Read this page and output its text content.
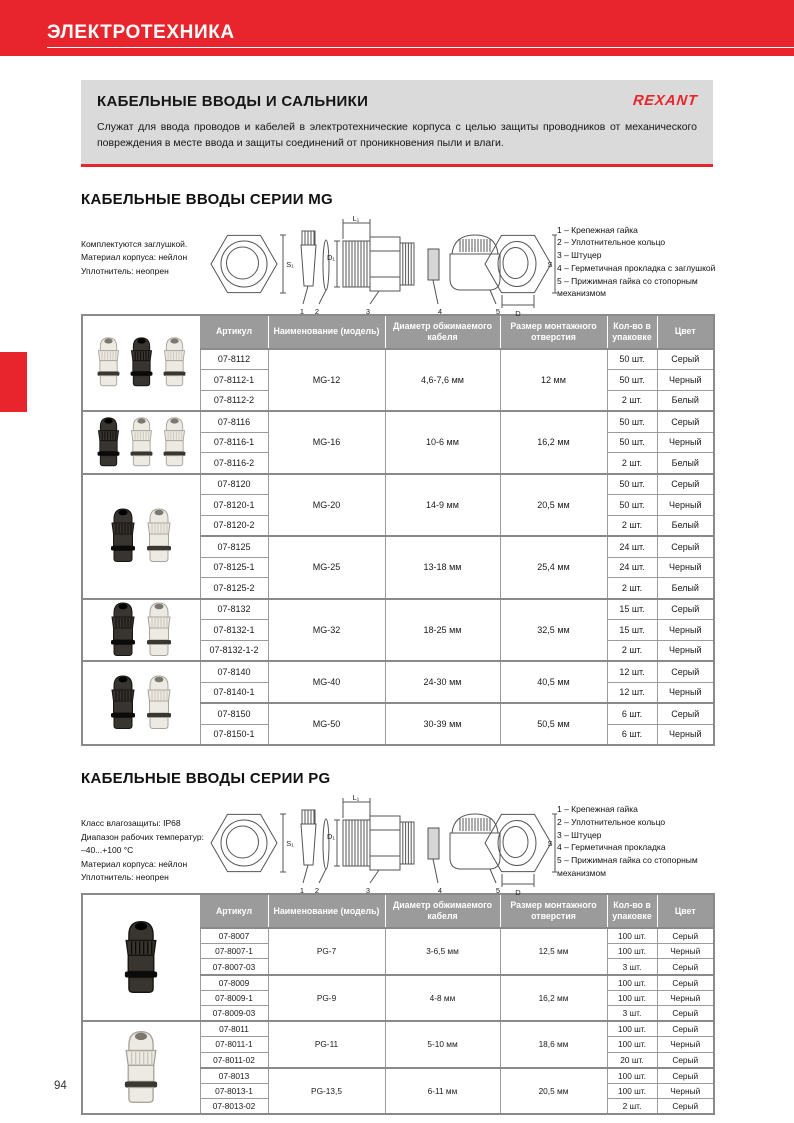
ЭЛЕКТРОТЕХНИКА
КАБЕЛЬНЫЕ ВВОДЫ И САЛЬНИКИ	REXANT

Служат для ввода проводов и кабелей в электротехнические корпуса с целью защиты проводников от механического повреждения в месте ввода и защиты соединений от проникновения пыли и влаги.

КАБЕЛЬНЫЕ ВВОДЫ СЕРИИ MG
Комплектуются заглушкой.
Материал корпуса: нейлон
Уплотнитель: неопрен
S₁
D₁
L₁
S
D
1 2	3	4	5
1 – Крепежная гайка
2 – Уплотнительное кольцо
3 – Штуцер
4 – Герметичная прокладка с заглушкой
5 – Прижимная гайка со стопорным механизмом
	Артикул	Наименование (модель)	Диаметр обжимаемого кабеля	Размер монтажного отверстия	Кол-во в упаковке	Цвет
	07-8112	MG-12	4,6-7,6 мм	12 мм	50 шт.	Серый
	07-8112-1				50 шт.	Черный
	07-8112-2				2 шт.	Белый
	07-8116	MG-16	10-6 мм	16,2 мм	50 шт.	Серый
	07-8116-1				50 шт.	Черный
	07-8116-2				2 шт.	Белый
	07-8120	MG-20	14-9 мм	20,5 мм	50 шт.	Серый
	07-8120-1				50 шт.	Черный
	07-8120-2				2 шт.	Белый
	07-8125	MG-25	13-18 мм	25,4 мм	24 шт.	Серый
	07-8125-1				24 шт.	Черный
	07-8125-2				2 шт.	Белый
	07-8132	MG-32	18-25 мм	32,5 мм	15 шт.	Серый
	07-8132-1				15 шт.	Черный
	07-8132-1-2				2 шт.	Черный
	07-8140	MG-40	24-30 мм	40,5 мм	12 шт.	Серый
	07-8140-1				12 шт.	Черный
	07-8150	MG-50	30-39 мм	50,5 мм	6 шт.	Серый
	07-8150-1				6 шт.	Черный
КАБЕЛЬНЫЕ ВВОДЫ СЕРИИ PG
Класс влагозащиты: IP68
Диапазон рабочих температур:
–40...+100 °С
Материал корпуса: нейлон
Уплотнитель: неопрен
S₁
D₁
L₁
S
D
1 2	3	4	5
1 – Крепежная гайка
2 – Уплотнительное кольцо
3 – Штуцер
4 – Герметичная прокладка
5 – Прижимная гайка со стопорным механизмом
	Артикул	Наименование (модель)	Диаметр обжимаемого кабеля	Размер монтажного отверстия	Кол-во в упаковке	Цвет
	07-8007	PG-7	3-6,5 мм	12,5 мм	100 шт.	Серый
	07-8007-1				100 шт.	Черный
	07-8007-03				3 шт.	Серый
	07-8009	PG-9	4-8 мм	16,2 мм	100 шт.	Серый
	07-8009-1				100 шт.	Черный
	07-8009-03				3 шт.	Серый
	07-8011	PG-11	5-10 мм	18,6 мм	100 шт.	Серый
	07-8011-1				100 шт.	Черный
	07-8011-02				20 шт.	Серый
	07-8013	PG-13,5	6-11 мм	20,5 мм	100 шт.	Серый
	07-8013-1				100 шт.	Черный
	07-8013-02				2 шт.	Серый
94
